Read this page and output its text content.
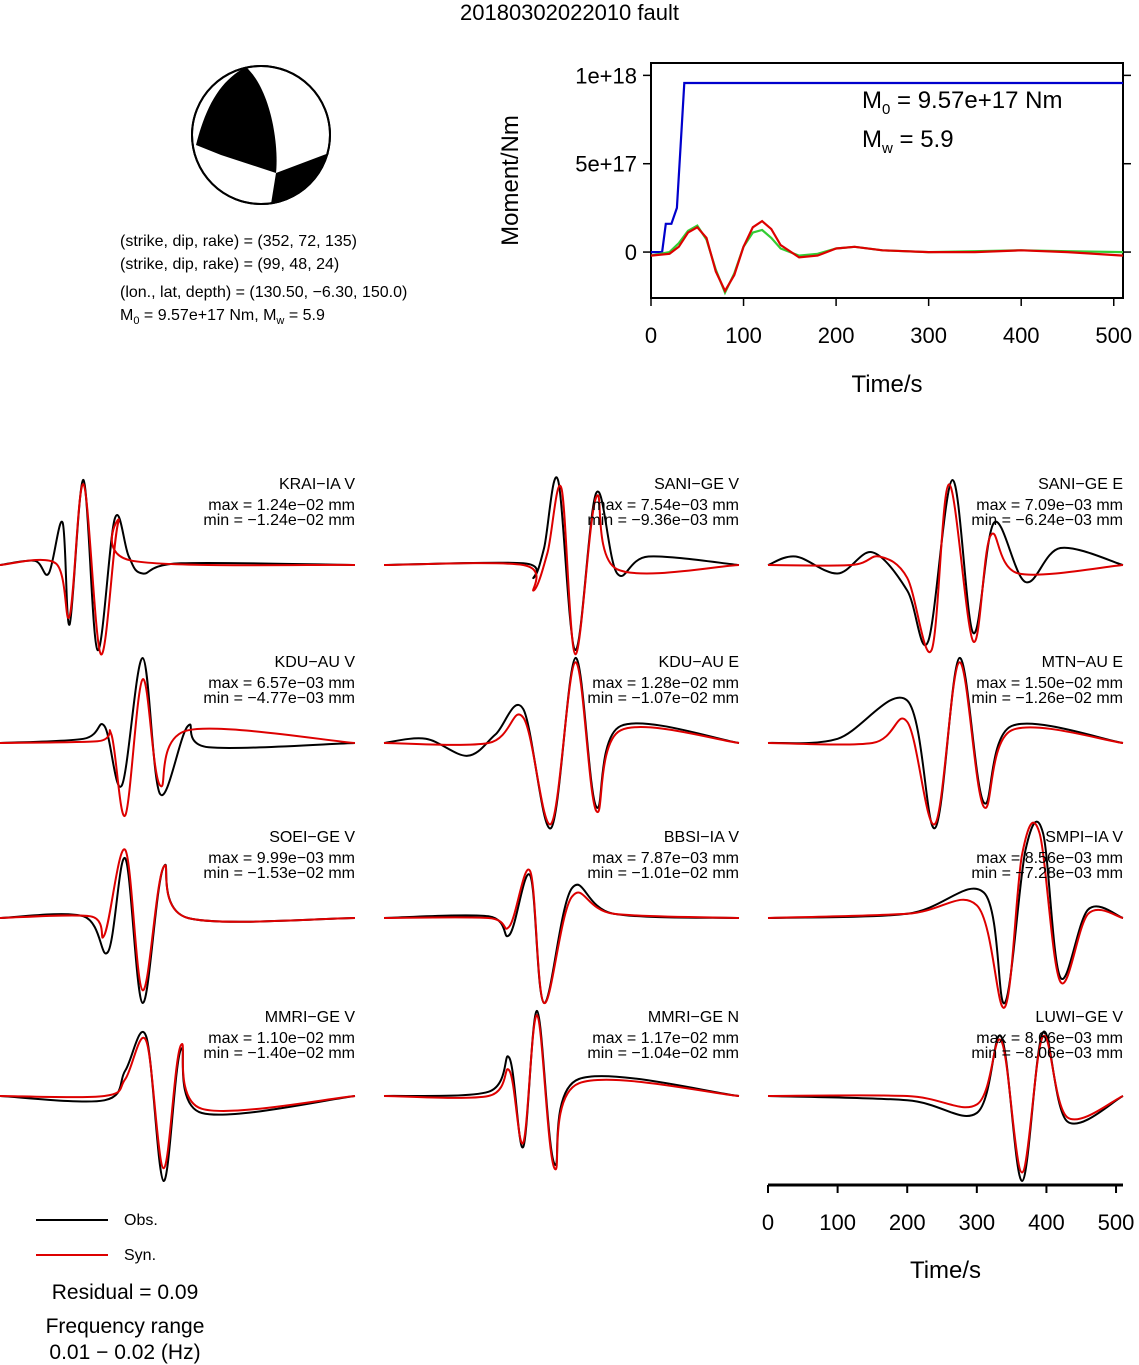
20180302022010 fault
(strike, dip, rake) = (352, 72, 135)
(strike, dip, rake) = (99, 48, 24)
(lon., lat, depth) = (130.50, −6.30, 150.0)
$M_0 = 9.57e+17$ Nm, $M_w = 5.9$
0
5e+17
1e+18
0	100	200	300	400	500
Time/s
Moment/Nm
$M_0 = 9.57e+17$ Nm
$M_w = 5.9$
KRAI−IA V
max = 1.24e−02 mm
min = −1.24e−02 mm
SANI−GE V
max = 7.54e−03 mm
min = −9.36e−03 mm
SANI−GE E
max = 7.09e−03 mm
min = −6.24e−03 mm
KDU−AU V
max = 6.57e−03 mm
min = −4.77e−03 mm
KDU−AU E
max = 1.28e−02 mm
min = −1.07e−02 mm
MTN−AU E
max = 1.50e−02 mm
min = −1.26e−02 mm
SOEI−GE V
max = 9.99e−03 mm
min = −1.53e−02 mm
BBSI−IA V
max = 7.87e−03 mm
min = −1.01e−02 mm
SMPI−IA V
max = 8.56e−03 mm
min = −7.28e−03 mm
MMRI−GE V
max = 1.10e−02 mm
min = −1.40e−02 mm
MMRI−GE N
max = 1.17e−02 mm
min = −1.04e−02 mm
LUWI−GE V
max = 8.66e−03 mm
min = −8.06e−03 mm
0 100 200 300 400 500
Time/s
Obs.
Syn.
Residual = 0.09
Frequency range
0.01 − 0.02 (Hz)
